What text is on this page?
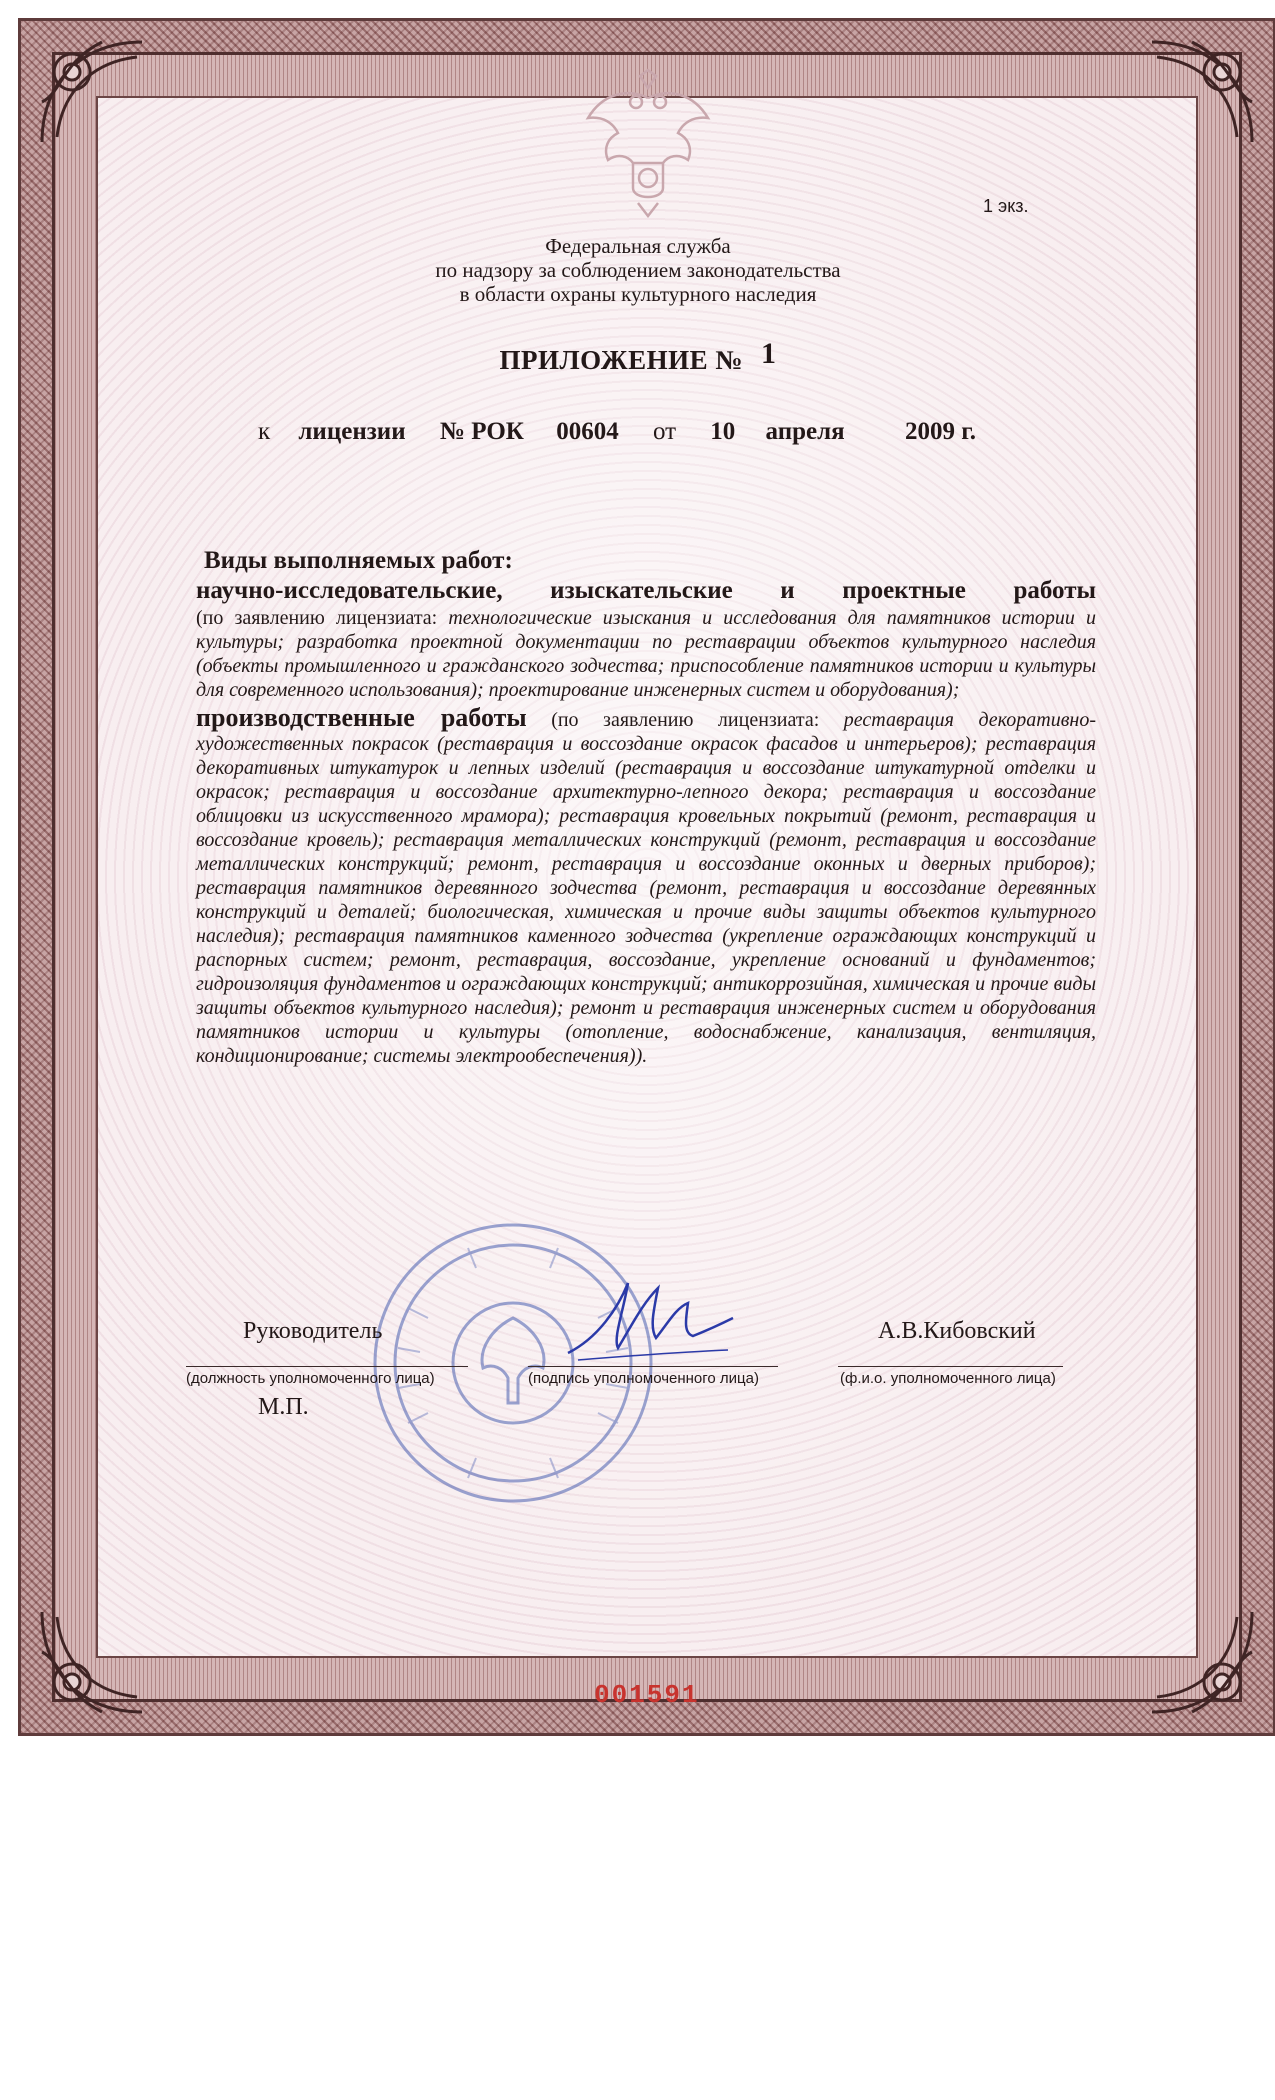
1 экз.
Федеральная служба
по надзору за соблюдением законодательства
в области охраны культурного наследия
ПРИЛОЖЕНИЕ № 1
к лицензии № РОК 00604 от 10 апреля 2009 г.
Виды выполняемых работ:
научно-исследовательские, изыскательские и проектные работы
(по заявлению лицензиата: технологические изыскания и исследования для памятников истории и культуры; разработка проектной документации по реставрации объектов культурного наследия (объекты промышленного и гражданского зодчества; приспособление памятников истории и культуры для современного использования); проектирование инженерных систем и оборудования);
производственные работы (по заявлению лицензиата: реставрация декоративно-художественных покрасок (реставрация и воссоздание окрасок фасадов и интерьеров); реставрация декоративных штукатурок и лепных изделий (реставрация и воссоздание штукатурной отделки и окрасок; реставрация и воссоздание архитектурно-лепного декора; реставрация и воссоздание облицовки из искусственного мрамора); реставрация кровельных покрытий (ремонт, реставрация и воссоздание кровель); реставрация металлических конструкций (ремонт, реставрация и воссоздание металлических конструкций; ремонт, реставрация и воссоздание оконных и дверных приборов); реставрация памятников деревянного зодчества (ремонт, реставрация и воссоздание деревянных конструкций и деталей; биологическая, химическая и прочие виды защиты объектов культурного наследия); реставрация памятников каменного зодчества (укрепление ограждающих конструкций и распорных систем; ремонт, реставрация, воссоздание, укрепление оснований и фундаментов; гидроизоляция фундаментов и ограждающих конструкций; антикоррозийная, химическая и прочие виды защиты объектов культурного наследия); ремонт и реставрация инженерных систем и оборудования памятников истории и культуры (отопление, водоснабжение, канализация, вентиляция, кондиционирование; системы электрообеспечения)).
Руководитель
(должность уполномоченного лица)
М.П.
(подпись уполномоченного лица)
А.В.Кибовский
(ф.и.о. уполномоченного лица)
001591
